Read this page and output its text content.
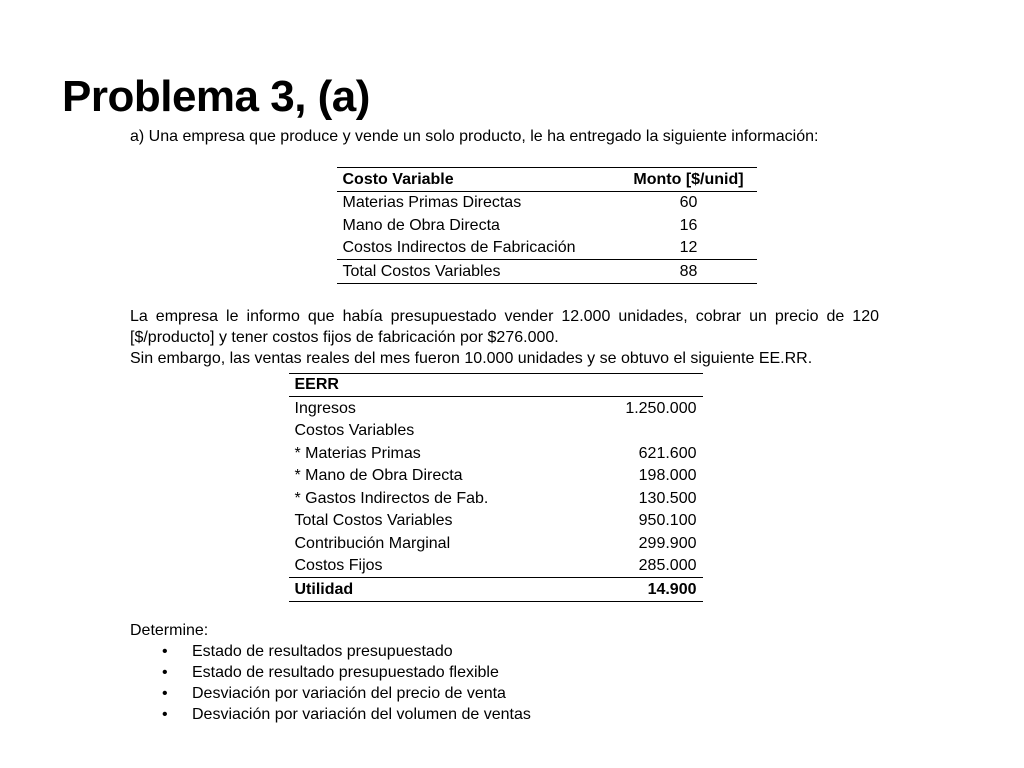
Problema 3, (a)

a) Una empresa que produce y vende un solo producto, le ha entregado la siguiente información:

Costo Variable	Monto [$/unid]
Materias Primas Directas	60
Mano de Obra Directa	16
Costos Indirectos de Fabricación	12
Total Costos Variables	88

La empresa le informo que había presupuestado vender 12.000 unidades, cobrar un precio de 120 [$/producto] y tener costos fijos de fabricación por $276.000.

Sin embargo, las ventas reales del mes fueron 10.000 unidades y se obtuvo el siguiente EE.RR.

EERR	
Ingresos	1.250.000
Costos Variables	
* Materias Primas	621.600
* Mano de Obra Directa	198.000
* Gastos Indirectos de Fab.	130.500
Total Costos Variables	950.100
Contribución Marginal	299.900
Costos Fijos	285.000
Utilidad	14.900

Determine:

• Estado de resultados presupuestado
• Estado de resultado presupuestado flexible
• Desviación por variación del precio de venta
• Desviación por variación del volumen de ventas
